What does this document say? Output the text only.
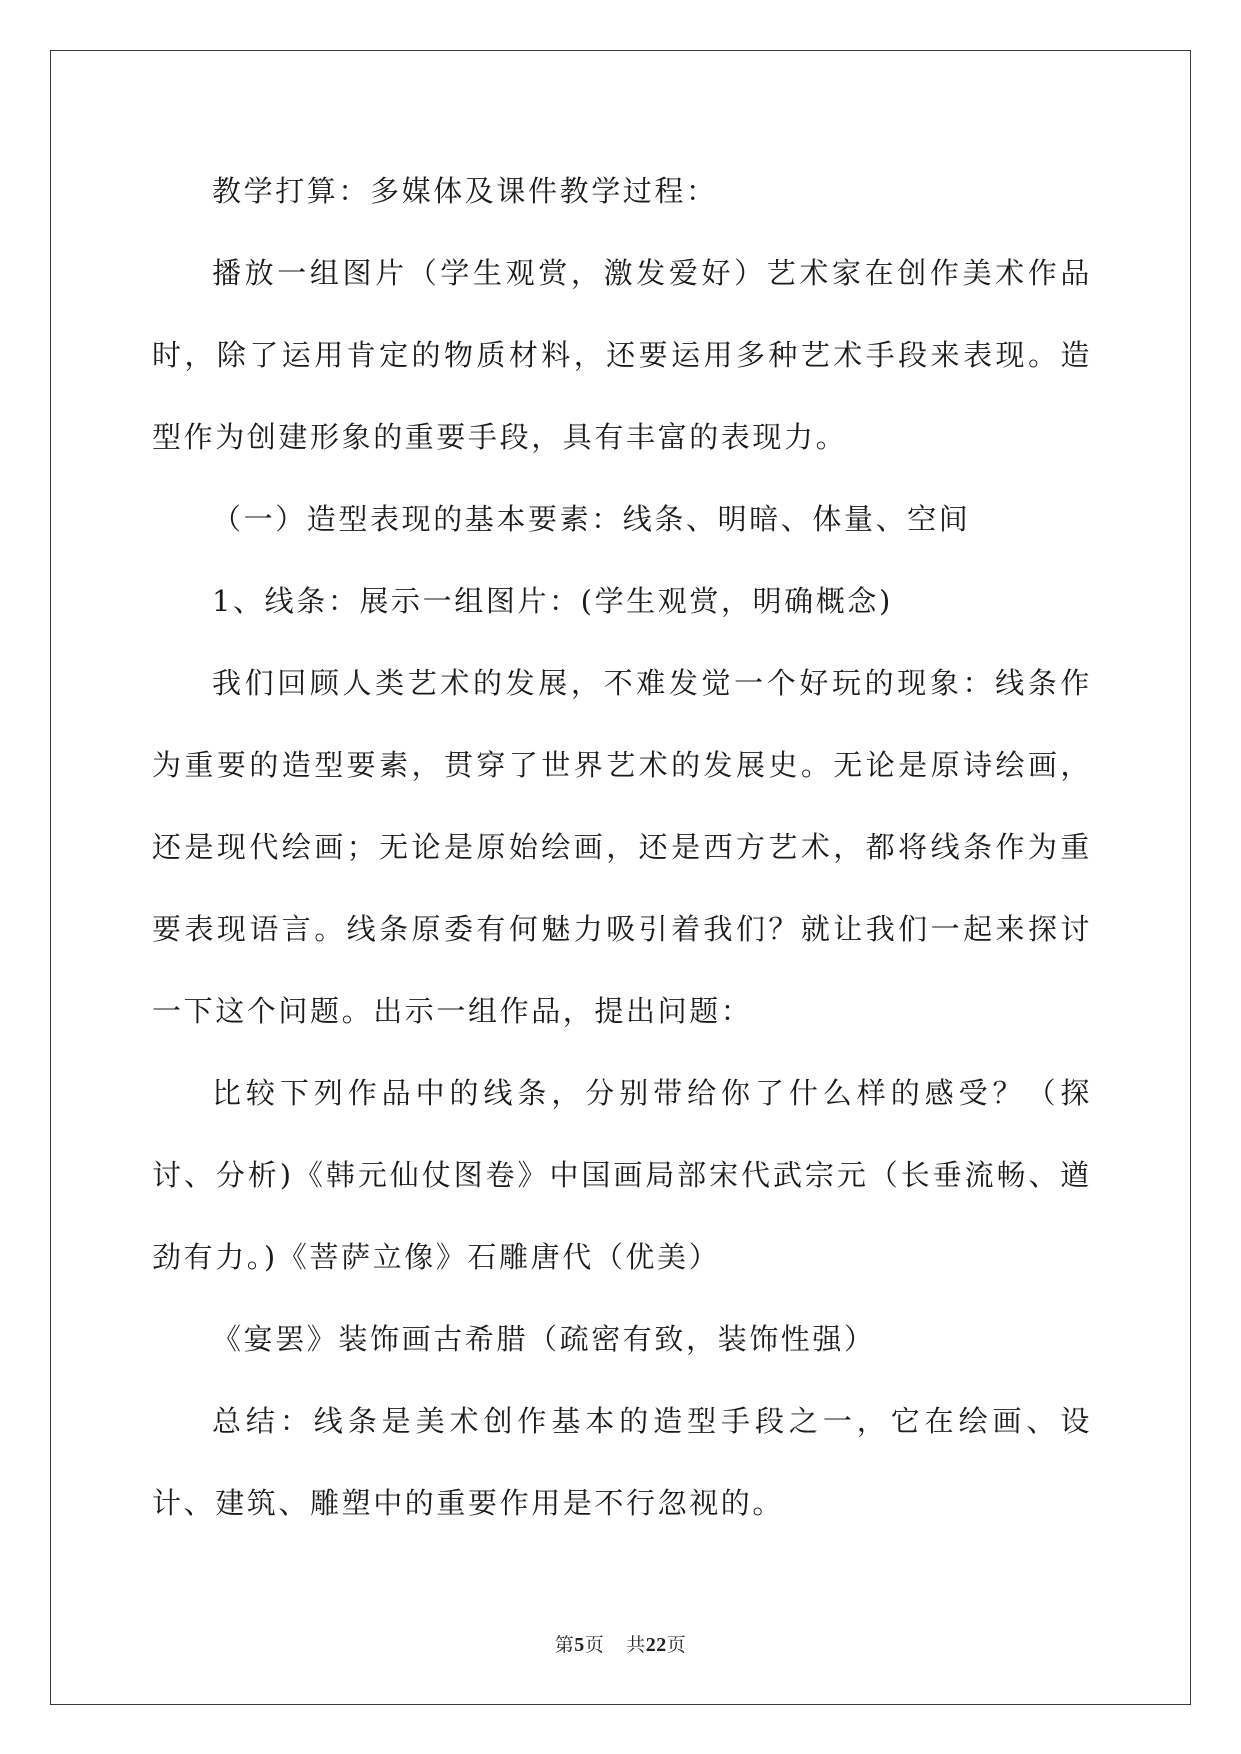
教学打算：多媒体及课件教学过程：

播放一组图片（学生观赏，激发爱好）艺术家在创作美术作品时，除了运用肯定的物质材料，还要运用多种艺术手段来表现。造型作为创建形象的重要手段，具有丰富的表现力。

（一）造型表现的基本要素：线条、明暗、体量、空间

1、线条：展示一组图片：(学生观赏，明确概念)

我们回顾人类艺术的发展，不难发觉一个好玩的现象：线条作为重要的造型要素，贯穿了世界艺术的发展史。无论是原诗绘画，还是现代绘画；无论是原始绘画，还是西方艺术，都将线条作为重要表现语言。线条原委有何魅力吸引着我们？就让我们一起来探讨一下这个问题。出示一组作品，提出问题：

比较下列作品中的线条，分别带给你了什么样的感受？（探讨、分析)《韩元仙仗图卷》中国画局部宋代武宗元（长垂流畅、遒劲有力。)《菩萨立像》石雕唐代（优美）

《宴罢》装饰画古希腊（疏密有致，装饰性强）

总结：线条是美术创作基本的造型手段之一，它在绘画、设计、建筑、雕塑中的重要作用是不行忽视的。

第5页 共22页
